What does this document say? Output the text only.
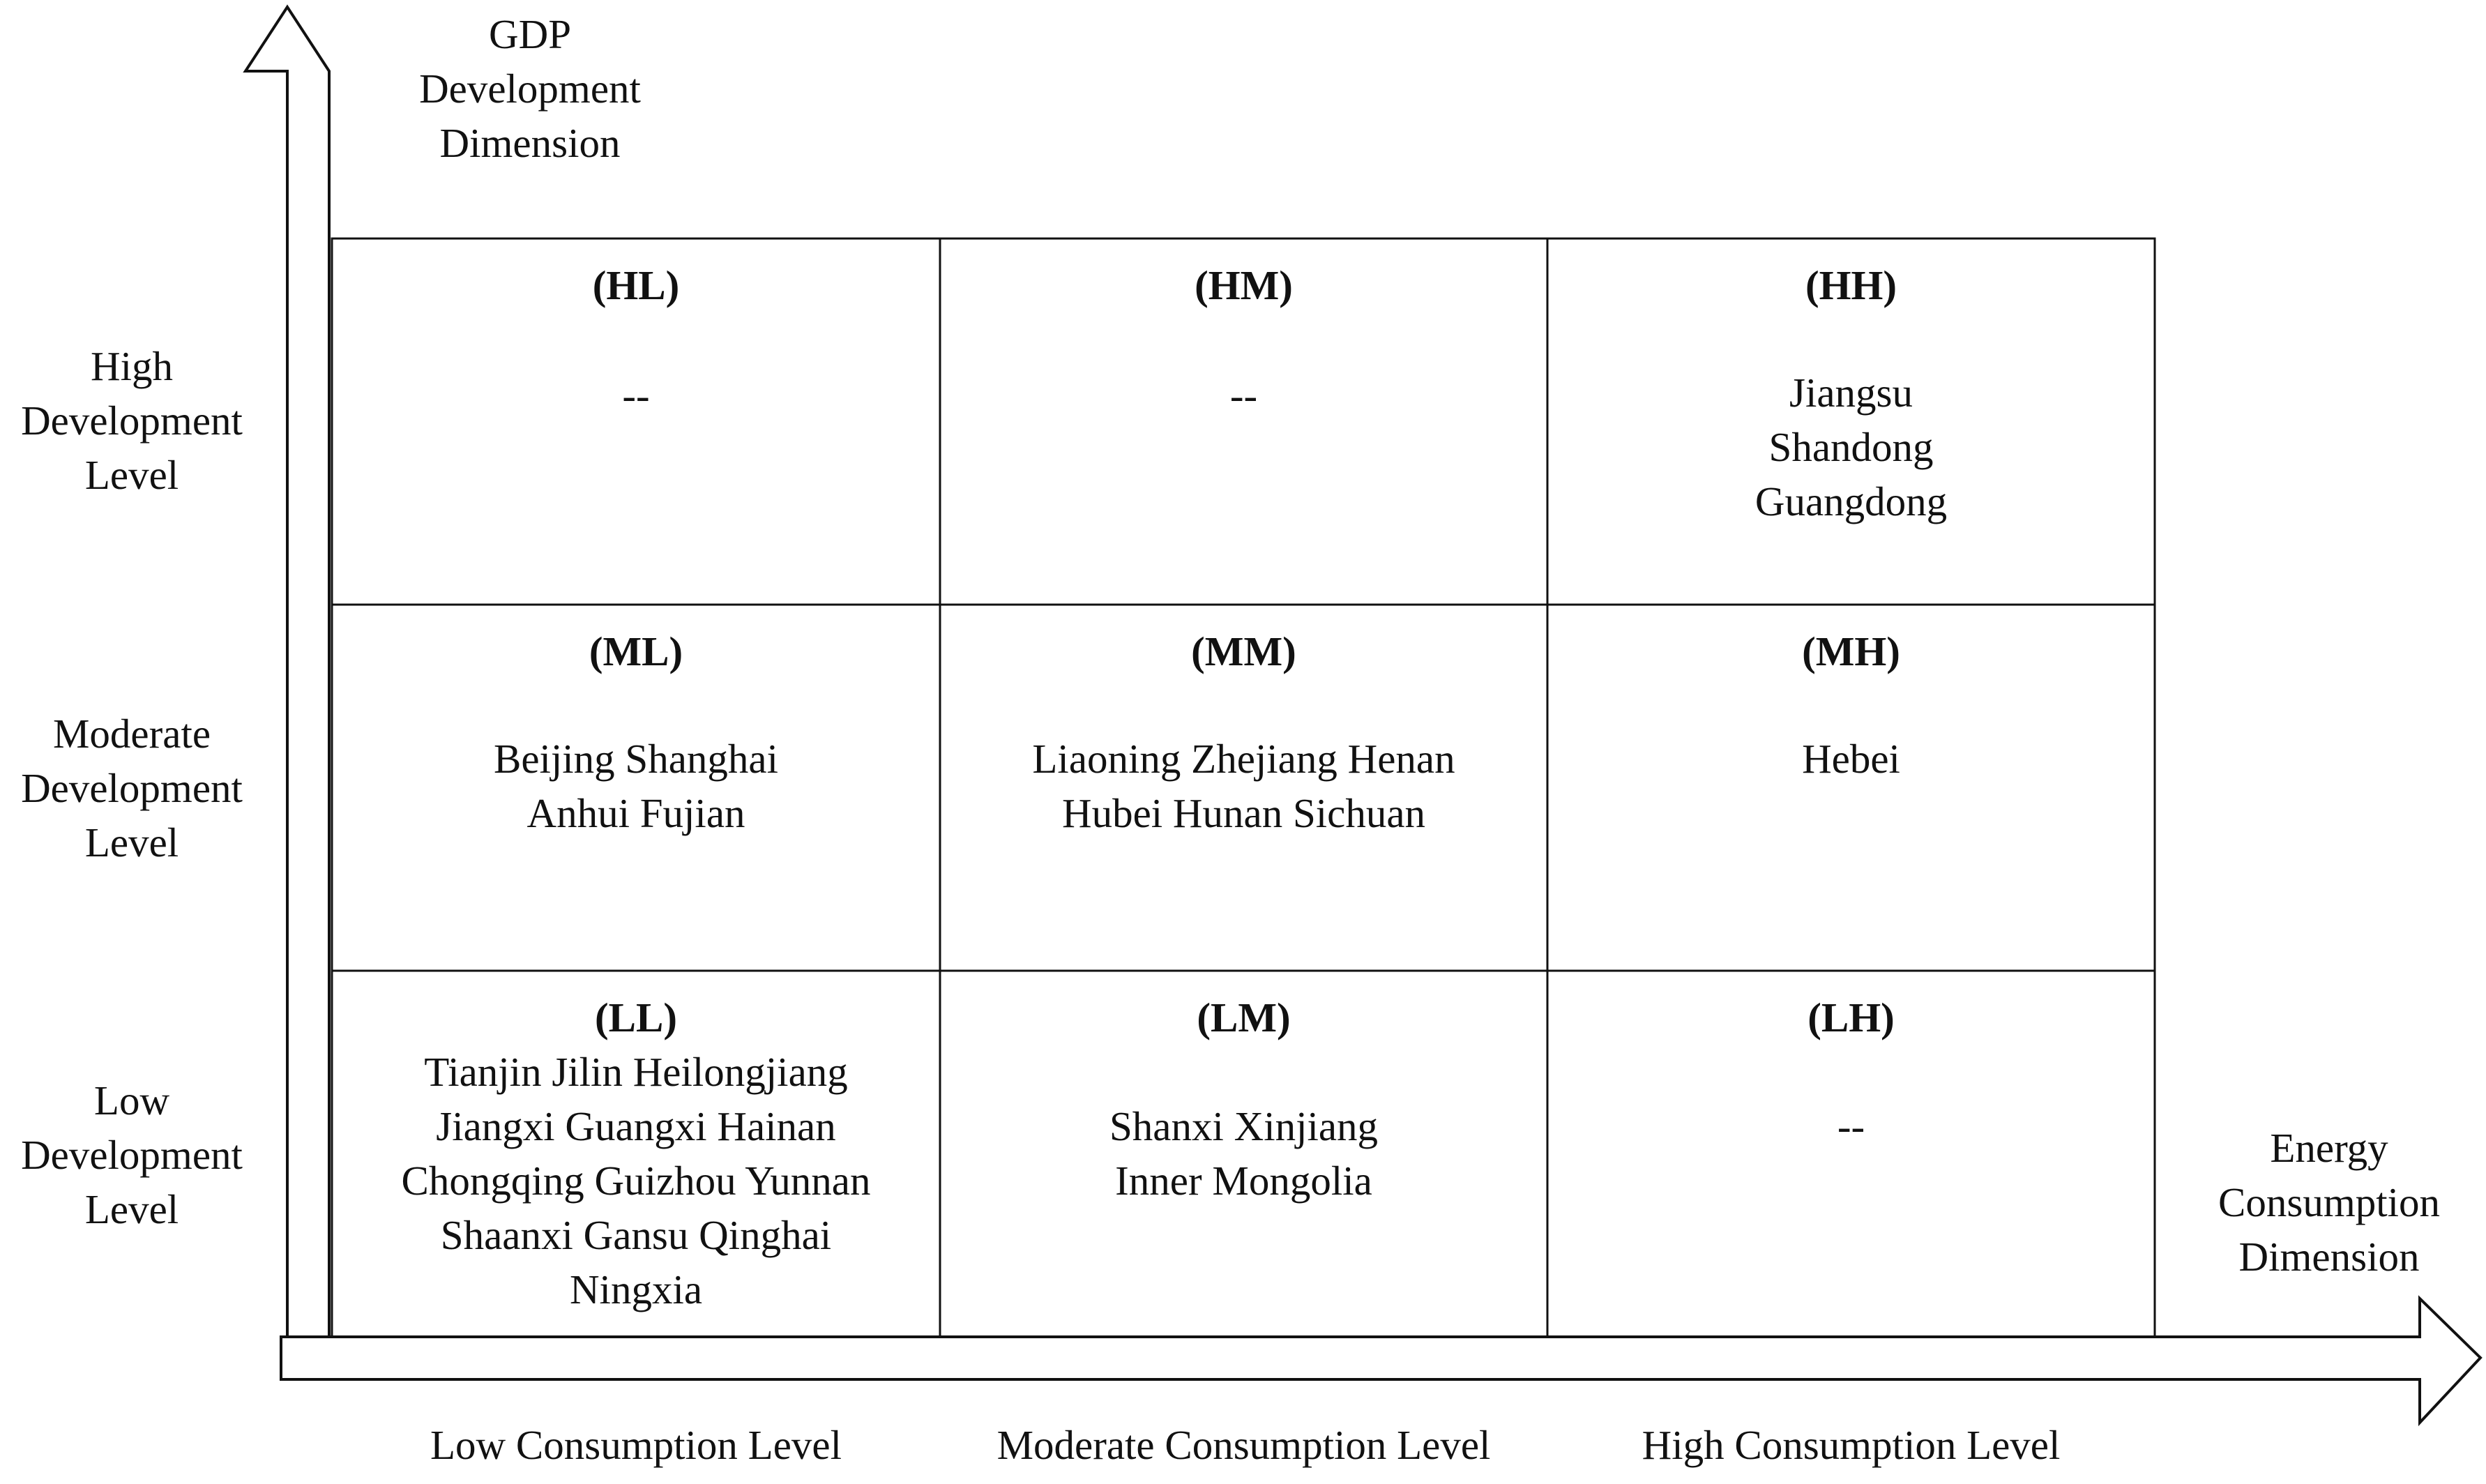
GDP
Development
Dimension
Energy
Consumption
Dimension
High
Development
Level
Moderate
Development
Level
Low
Development
Level
Low Consumption Level	Moderate Consumption Level	High Consumption Level
(HL)
--
(HM)
--
(HH)
Jiangsu
Shandong
Guangdong
(ML)
Beijing Shanghai
Anhui Fujian
(MM)
Liaoning Zhejiang Henan
Hubei Hunan Sichuan
(MH)
Hebei
(LL)
Tianjin Jilin Heilongjiang
Jiangxi Guangxi Hainan
Chongqing Guizhou Yunnan
Shaanxi Gansu Qinghai
Ningxia
(LM)
Shanxi Xinjiang
Inner Mongolia
(LH)
--
